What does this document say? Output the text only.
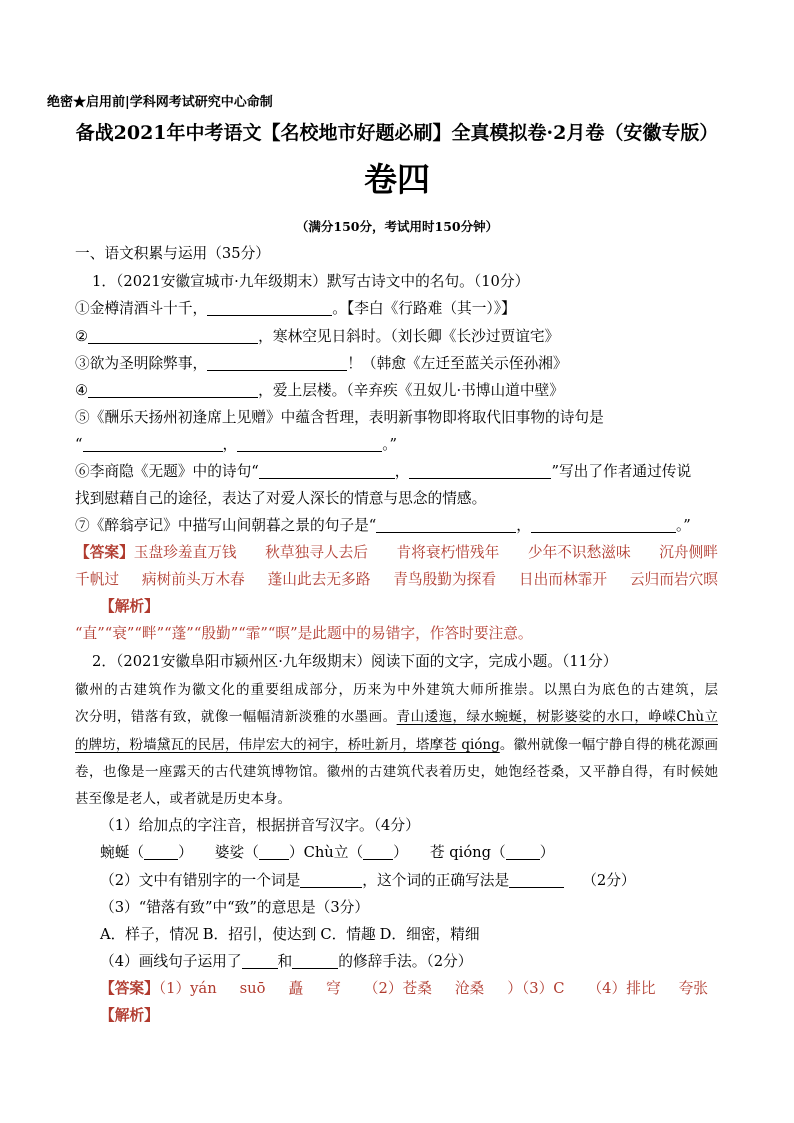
绝密★启用前|学科网考试研究中心命制
备战2021年中考语文【名校地市好题必刷】全真模拟卷·2月卷（安徽专版）
卷四
（满分150分，考试用时150分钟）
一、语文积累与运用（35分）
1．（2021安徽宣城市·九年级期末）默写古诗文中的名句。（10分）
①金樽清酒斗十千，	。【李白《行路难（其一）》】
②	，寒林空见日斜时。（刘长卿《长沙过贾谊宅》
③欲为圣明除弊事，	！（韩愈《左迁至蓝关示侄孙湘》
④	，爱上层楼。（辛弃疾《丑奴儿·书博山道中壁》
⑤《酬乐天扬州初逢席上见赠》中蕴含哲理，表明新事物即将取代旧事物的诗句是
“	，	。”
⑥李商隐《无题》中的诗句“	，	”写出了作者通过传说
找到慰藉自己的途径，表达了对爱人深长的情意与思念的情感。
⑦《醉翁亭记》中描写山间朝暮之景的句子是“	，	。”
【答案】玉盘珍羞直万钱 秋草独寻人去后 肯将衰朽惜残年 少年不识愁滋味 沉舟侧畔
千帆过 病树前头万木春 蓬山此去无多路 青鸟殷勤为探看 日出而林霏开 云归而岩穴暝
【解析】
“直”“衰”“畔”“蓬”“殷勤”“霏”“暝”是此题中的易错字，作答时要注意。
2．（2021安徽阜阳市颍州区·九年级期末）阅读下面的文字，完成小题。（11分）
徽州的古建筑作为徽文化的重要组成部分，历来为中外建筑大师所推崇。以黑白为底色的古建筑，层
次分明，错落有致，就像一幅幅清新淡雅的水墨画。青山逶迤，绿水蜿蜒，树影婆娑的水口，峥嵘Chù立
的牌坊，粉墙黛瓦的民居，伟岸宏大的祠宇，桥吐新月，塔摩苍 qióng。徽州就像一幅宁静自得的桃花源画
卷，也像是一座露天的古代建筑博物馆。徽州的古建筑代表着历史，她饱经苍桑，又平静自得，有时候她
甚至像是老人，或者就是历史本身。
（1）给加点的字注音，根据拼音写汉字。（4分）
蜿蜒（ ） 婆娑（ ）Chù立（ ） 苍 qióng（ ）
（2）文中有错别字的一个词是	，这个词的正确写法是	（2分）
（3）“错落有致”中“致”的意思是（3分）
A．样子，情况 B．招引，使达到 C．情趣 D．细密，精细
（4）画线句子运用了 和	的修辞手法。（2分）
【答案】（1）yán suō 矗 穹 （2）苍桑 沧桑 ）（3）C （4）排比 夸张
【解析】
